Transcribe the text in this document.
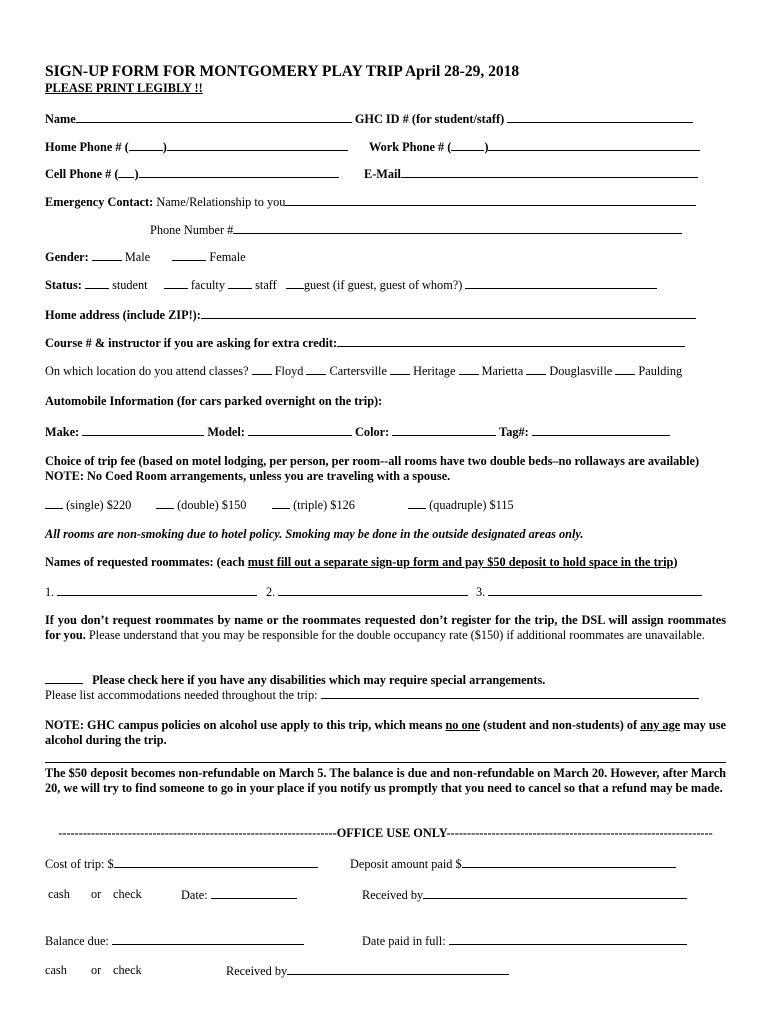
SIGN-UP FORM FOR MONTGOMERY PLAY TRIP April 28-29, 2018
PLEASE PRINT LEGIBLY !!
Name	GHC ID # (for student/staff)
Home Phone # (	)	Work Phone # (	)
Cell Phone # ( )	E-Mail
Emergency Contact: Name/Relationship to you
Phone Number #
Gender:	Male	Female
Status: student	faculty staff guest (if guest, guest of whom?)
Home address (include ZIP!):
Course # & instructor if you are asking for extra credit:
On which location do you attend classes? Floyd Cartersville Heritage Marietta Douglasville Paulding
Automobile Information (for cars parked overnight on the trip):
Make:	Model:	Color:	Tag#:
Choice of trip fee (based on motel lodging, per person, per room--all rooms have two double beds–no rollaways are available)
NOTE: No Coed Room arrangements, unless you are traveling with a spouse.
(single) $220	(double) $150	(triple) $126	(quadruple) $115
All rooms are non-smoking due to hotel policy. Smoking may be done in the outside designated areas only.
Names of requested roommates: (each must fill out a separate sign-up form and pay $50 deposit to hold space in the trip)
1.	2.	3.
If you don’t request roommates by name or the roommates requested don’t register for the trip, the DSL will assign roommates for you. Please understand that you may be responsible for the double occupancy rate ($150) if additional roommates are unavailable.
Please check here if you have any disabilities which may require special arrangements.
Please list accommodations needed throughout the trip:
NOTE: GHC campus policies on alcohol use apply to this trip, which means no one (student and non-students) of any age may use alcohol during the trip.
The $50 deposit becomes non-refundable on March 5. The balance is due and non-refundable on March 20. However, after March 20, we will try to find someone to go in your place if you notify us promptly that you need to cancel so that a refund may be made.
--------------------------------------------------------------------OFFICE USE ONLY-----------------------------------------------------------------
Cost of trip: $	Deposit amount paid $
cash or check	Date:	Received by
Balance due:	Date paid in full:
cash or check	Received by
